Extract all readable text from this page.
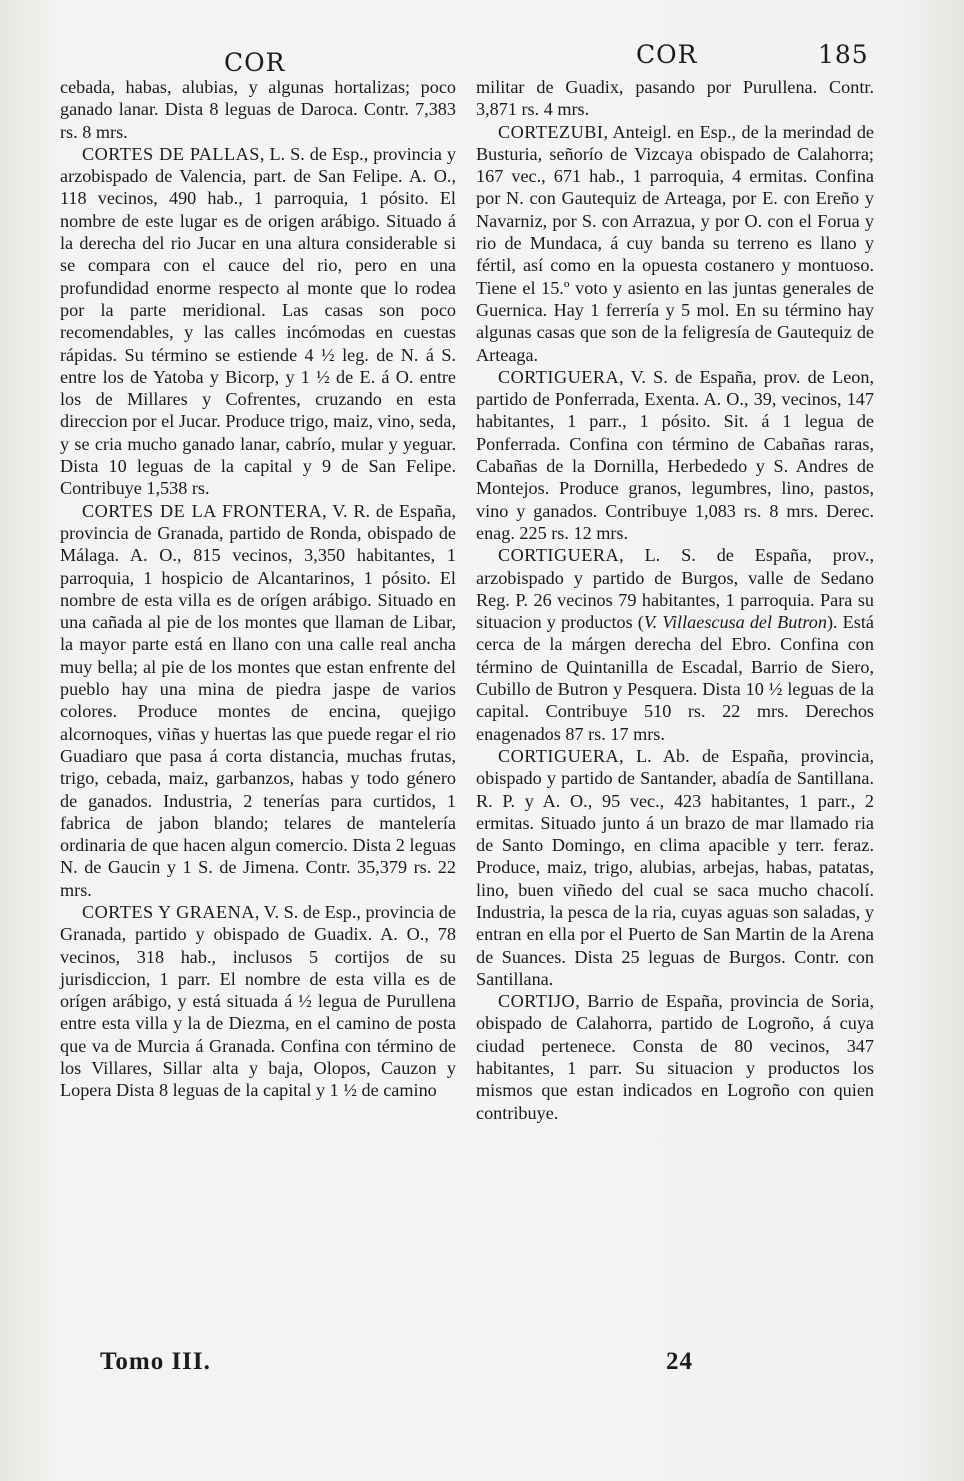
COR	COR	185

cebada, habas, alubias, y algunas hortalizas; poco ganado lanar. Dista 8 leguas de Daroca. Contr. 7,383 rs. 8 mrs.

CORTES DE PALLAS, L. S. de Esp., provincia y arzobispado de Valencia, part. de San Felipe. A. O., 118 vecinos, 490 hab., 1 parroquia, 1 pósito. El nombre de este lugar es de origen arábigo. Situado á la derecha del rio Jucar en una altura considerable si se compara con el cauce del rio, pero en una profundidad enorme respecto al monte que lo rodea por la parte meridional. Las casas son poco recomendables, y las calles incómodas en cuestas rápidas. Su término se estiende 4 ½ leg. de N. á S. entre los de Yatoba y Bicorp, y 1 ½ de E. á O. entre los de Millares y Cofrentes, cruzando en esta direccion por el Jucar. Produce trigo, maiz, vino, seda, y se cria mucho ganado lanar, cabrío, mular y yeguar. Dista 10 leguas de la capital y 9 de San Felipe. Contribuye 1,538 rs.

CORTES DE LA FRONTERA, V. R. de España, provincia de Granada, partido de Ronda, obispado de Málaga. A. O., 815 vecinos, 3,350 habitantes, 1 parroquia, 1 hospicio de Alcantarinos, 1 pósito. El nombre de esta villa es de orígen arábigo. Situado en una cañada al pie de los montes que llaman de Libar, la mayor parte está en llano con una calle real ancha muy bella; al pie de los montes que estan enfrente del pueblo hay una mina de piedra jaspe de varios colores. Produce montes de encina, quejigo alcornoques, viñas y huertas las que puede regar el rio Guadiaro que pasa á corta distancia, muchas frutas, trigo, cebada, maiz, garbanzos, habas y todo género de ganados. Industria, 2 tenerías para curtidos, 1 fabrica de jabon blando; telares de mantelería ordinaria de que hacen algun comercio. Dista 2 leguas N. de Gaucin y 1 S. de Jimena. Contr. 35,379 rs. 22 mrs.

CORTES Y GRAENA, V. S. de Esp., provincia de Granada, partido y obispado de Guadix. A. O., 78 vecinos, 318 hab., inclusos 5 cortijos de su jurisdiccion, 1 parr. El nombre de esta villa es de orígen arábigo, y está situada á ½ legua de Purullena entre esta villa y la de Diezma, en el camino de posta que va de Murcia á Granada. Confina con término de los Villares, Sillar alta y baja, Olopos, Cauzon y Lopera Dista 8 leguas de la capital y 1 ½ de camino

militar de Guadix, pasando por Purullena. Contr. 3,871 rs. 4 mrs.

CORTEZUBI, Anteigl. en Esp., de la merindad de Busturia, señorío de Vizcaya obispado de Calahorra; 167 vec., 671 hab., 1 parroquia, 4 ermitas. Confina por N. con Gautequiz de Arteaga, por E. con Ereño y Navarniz, por S. con Arrazua, y por O. con el Forua y rio de Mundaca, á cuy banda su terreno es llano y fértil, así como en la opuesta costanero y montuoso. Tiene el 15.º voto y asiento en las juntas generales de Guernica. Hay 1 ferrería y 5 mol. En su término hay algunas casas que son de la feligresía de Gautequiz de Arteaga.

CORTIGUERA, V. S. de España, prov. de Leon, partido de Ponferrada, Exenta. A. O., 39, vecinos, 147 habitantes, 1 parr., 1 pósito. Sit. á 1 legua de Ponferrada. Confina con término de Cabañas raras, Cabañas de la Dornilla, Herbededo y S. Andres de Montejos. Produce granos, legumbres, lino, pastos, vino y ganados. Contribuye 1,083 rs. 8 mrs. Derec. enag. 225 rs. 12 mrs.

CORTIGUERA, L. S. de España, prov., arzobispado y partido de Burgos, valle de Sedano Reg. P. 26 vecinos 79 habitantes, 1 parroquia. Para su situacion y productos (V. Villaescusa del Butron). Está cerca de la márgen derecha del Ebro. Confina con término de Quintanilla de Escadal, Barrio de Siero, Cubillo de Butron y Pesquera. Dista 10 ½ leguas de la capital. Contribuye 510 rs. 22 mrs. Derechos enagenados 87 rs. 17 mrs.

CORTIGUERA, L. Ab. de España, provincia, obispado y partido de Santander, abadía de Santillana. R. P. y A. O., 95 vec., 423 habitantes, 1 parr., 2 ermitas. Situado junto á un brazo de mar llamado ria de Santo Domingo, en clima apacible y terr. feraz. Produce, maiz, trigo, alubias, arbejas, habas, patatas, lino, buen viñedo del cual se saca mucho chacolí. Industria, la pesca de la ria, cuyas aguas son saladas, y entran en ella por el Puerto de San Martin de la Arena de Suances. Dista 25 leguas de Burgos. Contr. con Santillana.

CORTIJO, Barrio de España, provincia de Soria, obispado de Calahorra, partido de Logroño, á cuya ciudad pertenece. Consta de 80 vecinos, 347 habitantes, 1 parr. Su situacion y productos los mismos que estan indicados en Logroño con quien contribuye.

Tomo III.	24
